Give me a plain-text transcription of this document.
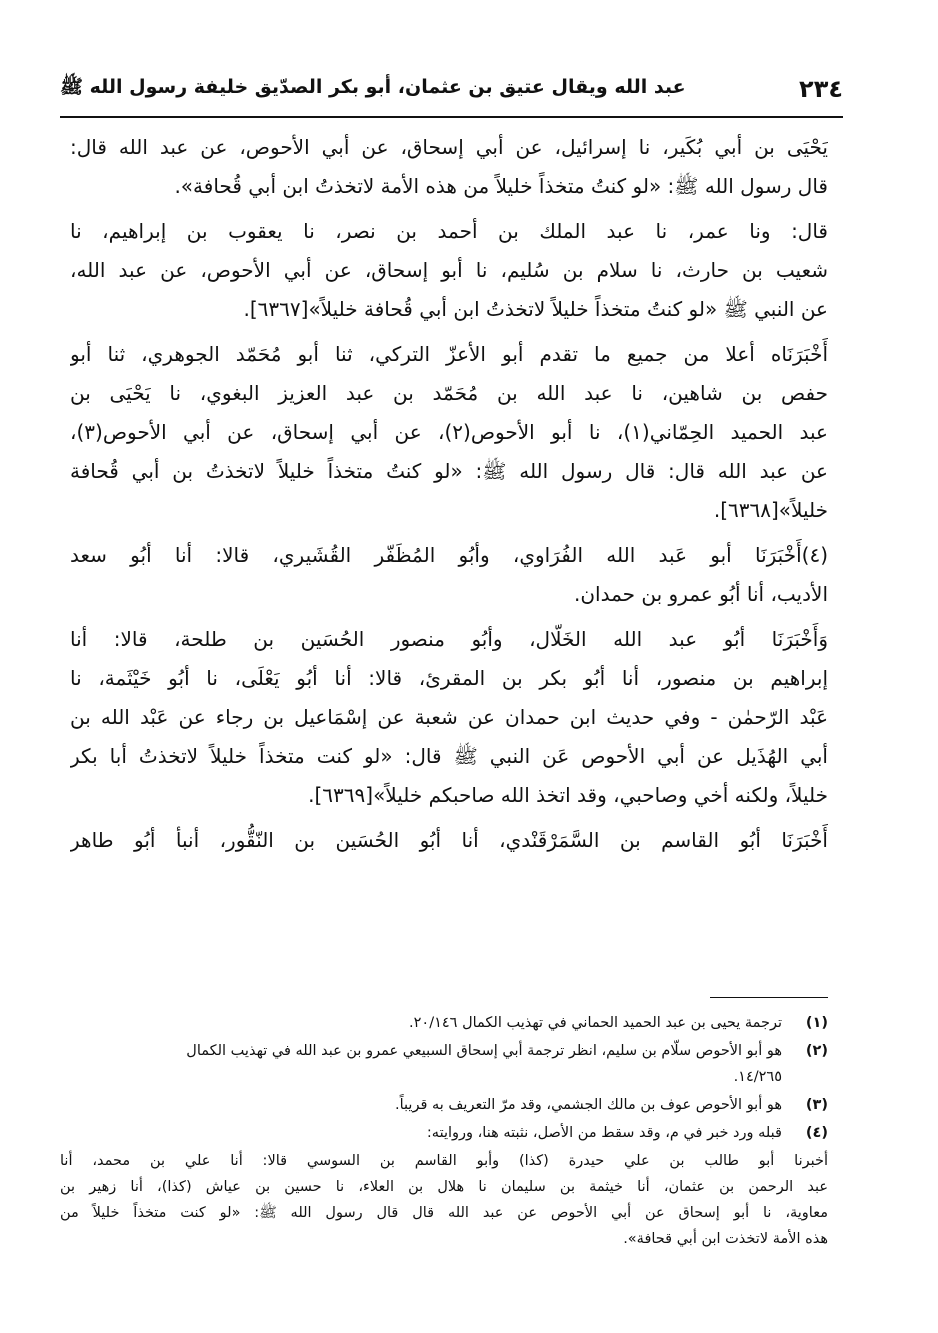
٢٣٤
عبد الله ويقال عتيق بن عثمان، أبو بكر الصدّيق خليفة رسول الله ﷺ
يَحْيَى بن أبي بُكَير، نا إسرائيل، عن أبي إسحاق، عن أبي الأحوص، عن عبد الله قال:
قال رسول الله ﷺ: «لو كنتُ متخذاً خليلاً من هذه الأمة لاتخذتُ ابن أبي قُحافة».
قال: ونا عمر، نا عبد الملك بن أحمد بن نصر، نا يعقوب بن إبراهيم، نا
شعيب بن حارث، نا سلام بن سُليم، نا أبو إسحاق، عن أبي الأحوص، عن عبد الله،
عن النبي ﷺ «لو كنتُ متخذاً خليلاً لاتخذتُ ابن أبي قُحافة خليلاً»[٦٣٦٧].
أَخْبَرَنَاه أعلا من جميع ما تقدم أبو الأعزّ التركي، ثنا أبو مُحَمّد الجوهري، ثنا أبو
حفص بن شاهين، نا عبد الله بن مُحَمّد بن عبد العزيز البغوي، نا يَحْيَى بن
عبد الحميد الحِمّاني(١)، نا أبو الأحوص(٢)، عن أبي إسحاق، عن أبي الأحوص(٣)،
عن عبد الله قال: قال رسول الله ﷺ: «لو كنتُ متخذاً خليلاً لاتخذتُ بن أبي قُحافة
خليلاً»[٦٣٦٨].
(٤)أَخْبَرَنَا أبو عَبد الله الفُرَاوي، وأبُو المُظَفّر القُشَيري، قالا: أنا أبُو سعد
الأديب، أنا أبُو عمرو بن حمدان.
وَأَخْبَرَنَا أبُو عبد الله الخَلّال، وأبُو منصور الحُسَين بن طلحة، قالا: أنا
إبراهيم بن منصور، أنا أبُو بكر بن المقرئ، قالا: أنا أبُو يَعْلَى، نا أبُو خَيْثَمة، نا
عَبْد الرّحمٰن - وفي حديث ابن حمدان عن شعبة عن إسْمَاعيل بن رجاء عن عَبْد الله بن
أبي الهُذَيل عن أبي الأحوص عَن النبي ﷺ قال: «لو كنت متخذاً خليلاً لاتخذتُ أبا بكر
خليلاً، ولكنه أخي وصاحبي، وقد اتخذ الله صاحبكم خليلاً»[٦٣٦٩].
أَخْبَرَنَا أبُو القاسم بن السَّمَرْقَنْدي، أنا أبُو الحُسَين بن النّقُّور، أنبأ أبُو طاهر
(١)
ترجمة يحيى بن عبد الحميد الحماني في تهذيب الكمال ٢٠/١٤٦.
(٢)
هو أبو الأحوص سلّام بن سليم، انظر ترجمة أبي إسحاق السبيعي عمرو بن عبد الله في تهذيب الكمال
١٤/٢٦٥.
(٣)
هو أبو الأحوص عوف بن مالك الجشمي، وقد مرّ التعريف به قريباً.
(٤)
قبله ورد خبر في م، وقد سقط من الأصل، نثبته هنا، وروايته:
أخبرنا أبو طالب بن علي حيدرة (كذا) وأبو القاسم بن السوسي قالا: أنا علي بن محمد، أنا
عبد الرحمن بن عثمان، أنا خيثمة بن سليمان نا هلال بن العلاء، نا حسين بن عياش (كذا)، أنا زهير بن
معاوية، نا أبو إسحاق عن أبي الأحوص عن عبد الله قال قال رسول الله ﷺ: «لو كنت متخذاً خليلاً من
هذه الأمة لاتخذت ابن أبي قحافة».
